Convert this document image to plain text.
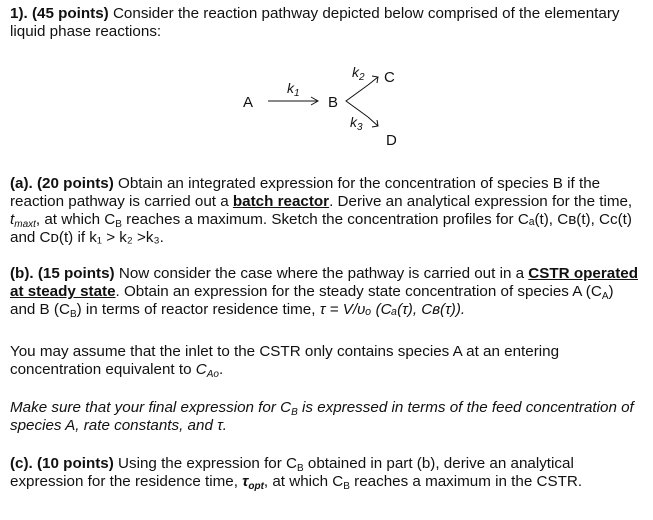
1). (45 points) Consider the reaction pathway depicted below comprised of the elementary liquid phase reactions:
A
$k_1$
B
$k_2$
$k_3$
C
D
(a). (20 points) Obtain an integrated expression for the concentration of species B if the reaction pathway is carried out a batch reactor. Derive an analytical expression for the time, $t_{maxt}$, at which $C_B$ reaches a maximum. Sketch the concentration profiles for Cₐ(t), Cʙ(t), Cᴄ(t) and Cᴅ(t) if k₁ > k₂ >k₃.
(b). (15 points) Now consider the case where the pathway is carried out in a CSTR operated at steady state. Obtain an expression for the steady state concentration of species A $(C_A)$ and B $(C_B)$ in terms of reactor residence time, τ = V/υₒ (Cₐ(τ), Cʙ(τ)).
You may assume that the inlet to the CSTR only contains species A at an entering concentration equivalent to $C_{Ao}$.
Make sure that your final expression for $C_B$ is expressed in terms of the feed concentration of species A, rate constants, and τ.
(c). (10 points) Using the expression for $C_B$ obtained in part (b), derive an analytical expression for the residence time, $\tau_{opt}$, at which $C_B$ reaches a maximum in the CSTR.
